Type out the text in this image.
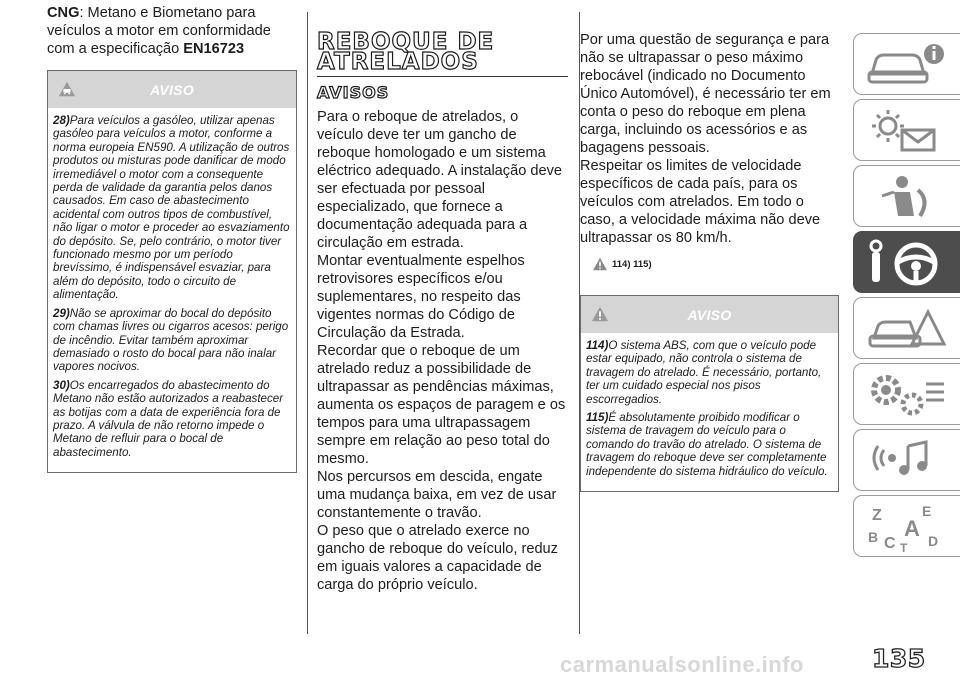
CNG: Metano e Biometano para veículos a motor em conformidade com a especificação EN16723

AVISO

28)Para veículos a gasóleo, utilizar apenas gasóleo para veículos a motor, conforme a norma europeia EN590. A utilização de outros produtos ou misturas pode danificar de modo irremediável o motor com a consequente perda de validade da garantia pelos danos causados. Em caso de abastecimento acidental com outros tipos de combustível, não ligar o motor e proceder ao esvaziamento do depósito. Se, pelo contrário, o motor tiver funcionado mesmo por um período brevíssimo, é indispensável esvaziar, para além do depósito, todo o circuito de alimentação.

29)Não se aproximar do bocal do depósito com chamas livres ou cigarros acesos: perigo de incêndio. Evitar também aproximar demasiado o rosto do bocal para não inalar vapores nocivos.

30)Os encarregados do abastecimento do Metano não estão autorizados a reabastecer as botijas com a data de experiência fora de prazo. A válvula de não retorno impede o Metano de refluir para o bocal de abastecimento.

REBOQUE DE
ATRELADOS
AVISOS

Para o reboque de atrelados, o veículo deve ter um gancho de reboque homologado e um sistema eléctrico adequado. A instalação deve ser efectuada por pessoal especializado, que fornece a documentação adequada para a circulação em estrada.

Montar eventualmente espelhos retrovisores específicos e/ou suplementares, no respeito das vigentes normas do Código de Circulação da Estrada.

Recordar que o reboque de um atrelado reduz a possibilidade de ultrapassar as pendências máximas, aumenta os espaços de paragem e os tempos para uma ultrapassagem sempre em relação ao peso total do mesmo.

Nos percursos em descida, engate uma mudança baixa, em vez de usar constantemente o travão.

O peso que o atrelado exerce no gancho de reboque do veículo, reduz em iguais valores a capacidade de carga do próprio veículo.

Por uma questão de segurança e para não se ultrapassar o peso máximo rebocável (indicado no Documento Único Automóvel), é necessário ter em conta o peso do reboque em plena carga, incluindo os acessórios e as bagagens pessoais.

Respeitar os limites de velocidade específicos de cada país, para os veículos com atrelados. Em todo o caso, a velocidade máxima não deve ultrapassar os 80 km/h.

114) 115)
AVISO

114)O sistema ABS, com que o veículo pode estar equipado, não controla o sistema de travagem do atrelado. É necessário, portanto, ter um cuidado especial nos pisos escorregadios.

115)É absolutamente proibido modificar o sistema de travagem do veículo para o comando do travão do atrelado. O sistema de travagem do reboque deve ser completamente independente do sistema hidráulico do veículo.

Z	E
A
B C D
T
carmanualsonline.info	135
